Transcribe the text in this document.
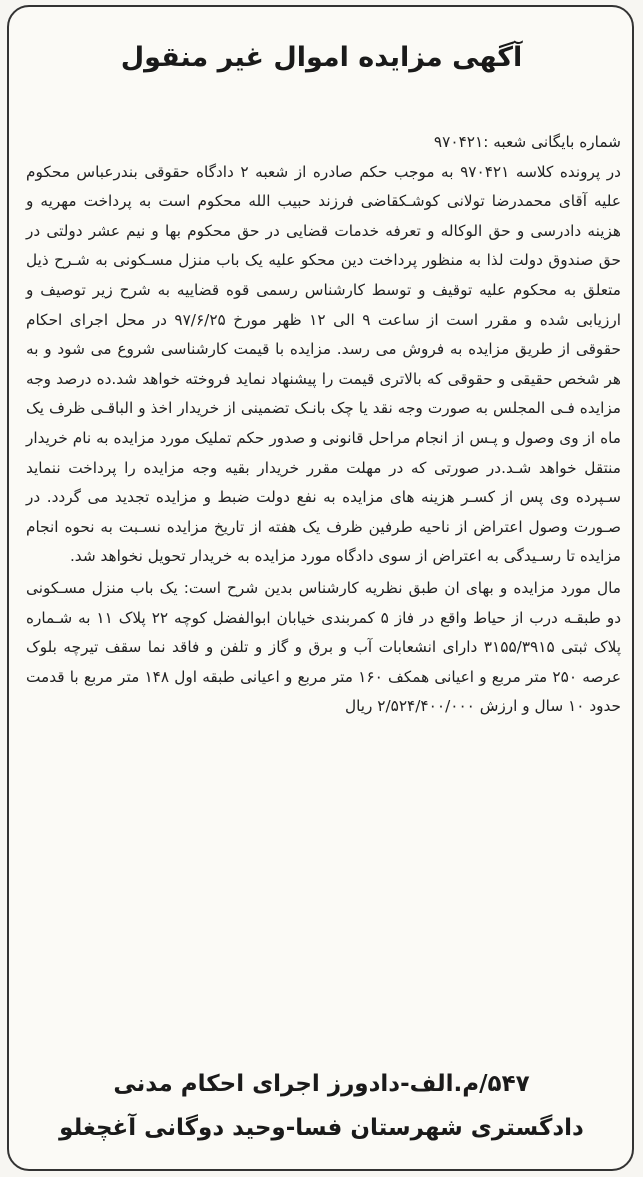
آگهی مزایده اموال غیر منقول

شماره بایگانی شعبه :۹۷۰۴۲۱

در پرونده کلاسه ۹۷۰۴۲۱ به موجب حکم صادره از شعبه ۲ دادگاه حقوقی بندرعباس محکوم علیه آقای محمدرضا تولانی کوشـکقاضی فرزند حبیب الله محکوم است به پرداخت مهریه و هزینه دادرسی و حق الوکاله و تعرفه خدمات قضایی در حق محکوم بها و نیم عشر دولتی در حق صندوق دولت لذا به منظور پرداخت دین محکو علیه یک باب منزل مسـکونی به شـرح ذیل متعلق به محکوم علیه توقیف و توسط کارشناس رسمی قوه قضاییه به شرح زیر توصیف و ارزیابی شده و مقرر است از ساعت ۹ الی ۱۲ ظهر مورخ ۹۷/۶/۲۵ در محل اجرای احکام حقوقی از طریق مزایده به فروش می رسد. مزایده با قیمت کارشناسی شروع می شود و به هر شخص حقیقی و حقوقی که بالاتری قیمت را پیشنهاد نماید فروخته خواهد شد.ده درصد وجه مزایده فـی المجلس به صورت وجه نقد یا چک بانـک تضمینی از خریدار اخذ و الباقـی ظرف یک ماه از وی وصول و پـس از انجام مراحل قانونی و صدور حکم تملیک مورد مزایده به نام خریدار منتقل خواهد شـد.در صورتی که در مهلت مقرر خریدار بقیه وجه مزایده را پرداخت ننماید سـپرده وی پس از کسـر هزینه های مزایده به نفع دولت ضبط و مزایده تجدید می گردد. در صـورت وصول اعتراض از ناحیه طرفین ظرف یک هفته از تاریخ مزایده نسـبت به نحوه انجام مزایده تا رسـیدگی به اعتراض از سوی دادگاه مورد مزایده به خریدار تحویل نخواهد شد.

مال مورد مزایده و بهای ان طبق نظریه کارشناس بدین شرح است: یک باب منزل مسـکونی دو طبقـه درب از حیاط واقع در فاز ۵ کمربندی خیابان ابوالفضل کوچه ۲۲ پلاک ۱۱ به شـماره پلاک ثبتی ۳۱۵۵/۳۹۱۵ دارای انشعابات آب و برق و گاز و تلفن و فاقد نما سقف تیرچه بلوک عرصه ۲۵۰ متر مربع و اعیانی همکف ۱۶۰ متر مربع و اعیانی طبقه اول ۱۴۸ متر مربع با قدمت حدود ۱۰ سال و ارزش ۲/۵۲۴/۴۰۰/۰۰۰ ریال

۵۴۷/م.الف-دادورز اجرای احکام مدنی
دادگستری شهرستان فسا-وحید دوگانی آغچغلو
